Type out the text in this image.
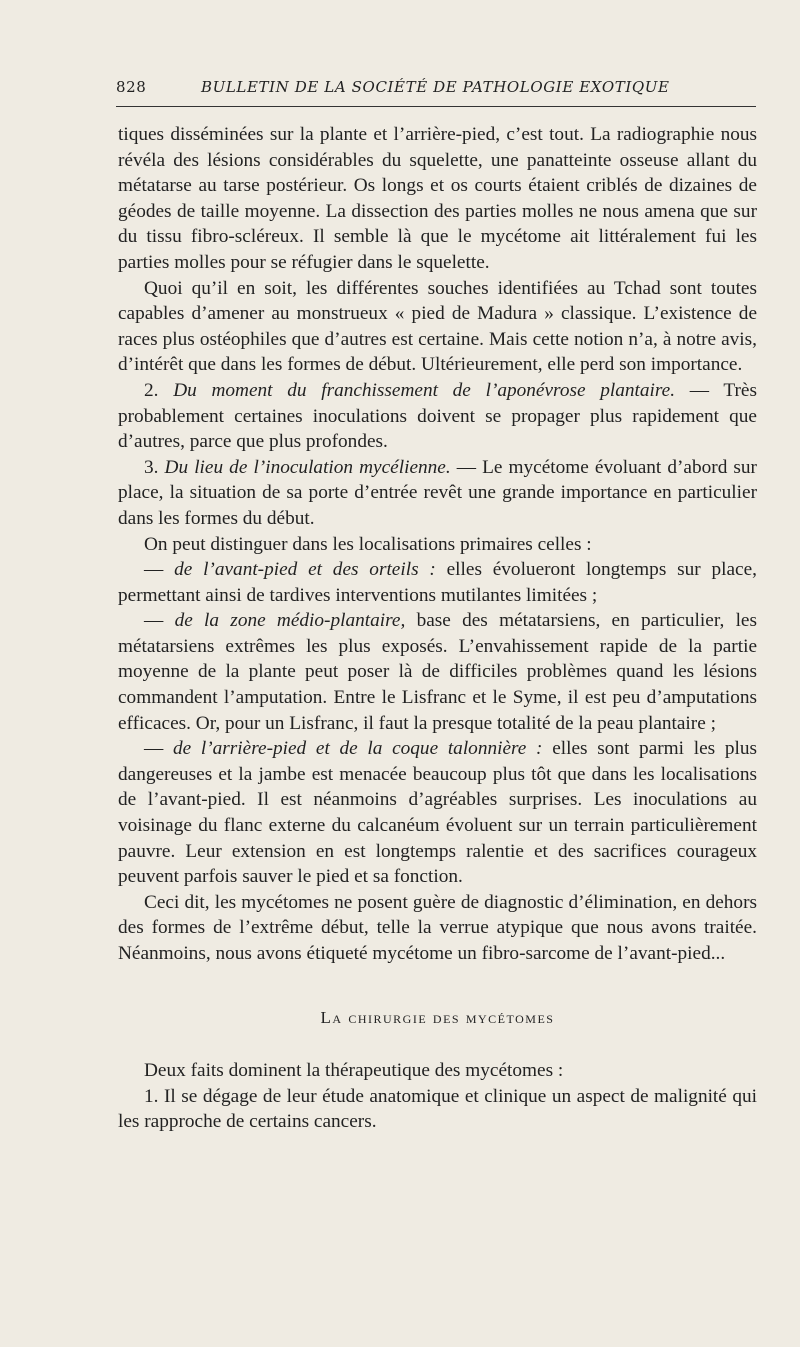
828	BULLETIN DE LA SOCIÉTÉ DE PATHOLOGIE EXOTIQUE

tiques disséminées sur la plante et l’arrière-pied, c’est tout. La radiographie nous révéla des lésions considérables du squelette, une panatteinte osseuse allant du métatarse au tarse postérieur. Os longs et os courts étaient criblés de dizaines de géodes de taille moyenne. La dissection des parties molles ne nous amena que sur du tissu fibro-scléreux. Il semble là que le mycétome ait littéralement fui les parties molles pour se réfugier dans le squelette.

Quoi qu’il en soit, les différentes souches identifiées au Tchad sont toutes capables d’amener au monstrueux « pied de Madura » classique. L’existence de races plus ostéophiles que d’autres est certaine. Mais cette notion n’a, à notre avis, d’intérêt que dans les formes de début. Ultérieurement, elle perd son importance.

2. Du moment du franchissement de l’aponévrose plantaire. — Très probablement certaines inoculations doivent se propager plus rapidement que d’autres, parce que plus profondes.

3. Du lieu de l’inoculation mycélienne. — Le mycétome évoluant d’abord sur place, la situation de sa porte d’entrée revêt une grande importance en particulier dans les formes du début.

On peut distinguer dans les localisations primaires celles :

— de l’avant-pied et des orteils : elles évolueront longtemps sur place, permettant ainsi de tardives interventions mutilantes limitées ;

— de la zone médio-plantaire, base des métatarsiens, en particulier, les métatarsiens extrêmes les plus exposés. L’envahissement rapide de la partie moyenne de la plante peut poser là de difficiles problèmes quand les lésions commandent l’amputation. Entre le Lisfranc et le Syme, il est peu d’amputations efficaces. Or, pour un Lisfranc, il faut la presque totalité de la peau plantaire ;

— de l’arrière-pied et de la coque talonnière : elles sont parmi les plus dangereuses et la jambe est menacée beaucoup plus tôt que dans les localisations de l’avant-pied. Il est néanmoins d’agréables surprises. Les inoculations au voisinage du flanc externe du calcanéum évoluent sur un terrain particulièrement pauvre. Leur extension en est longtemps ralentie et des sacrifices courageux peuvent parfois sauver le pied et sa fonction.

Ceci dit, les mycétomes ne posent guère de diagnostic d’élimination, en dehors des formes de l’extrême début, telle la verrue atypique que nous avons traitée. Néanmoins, nous avons étiqueté mycétome un fibro-sarcome de l’avant-pied...

La chirurgie des mycétomes

Deux faits dominent la thérapeutique des mycétomes :

1. Il se dégage de leur étude anatomique et clinique un aspect de malignité qui les rapproche de certains cancers.
